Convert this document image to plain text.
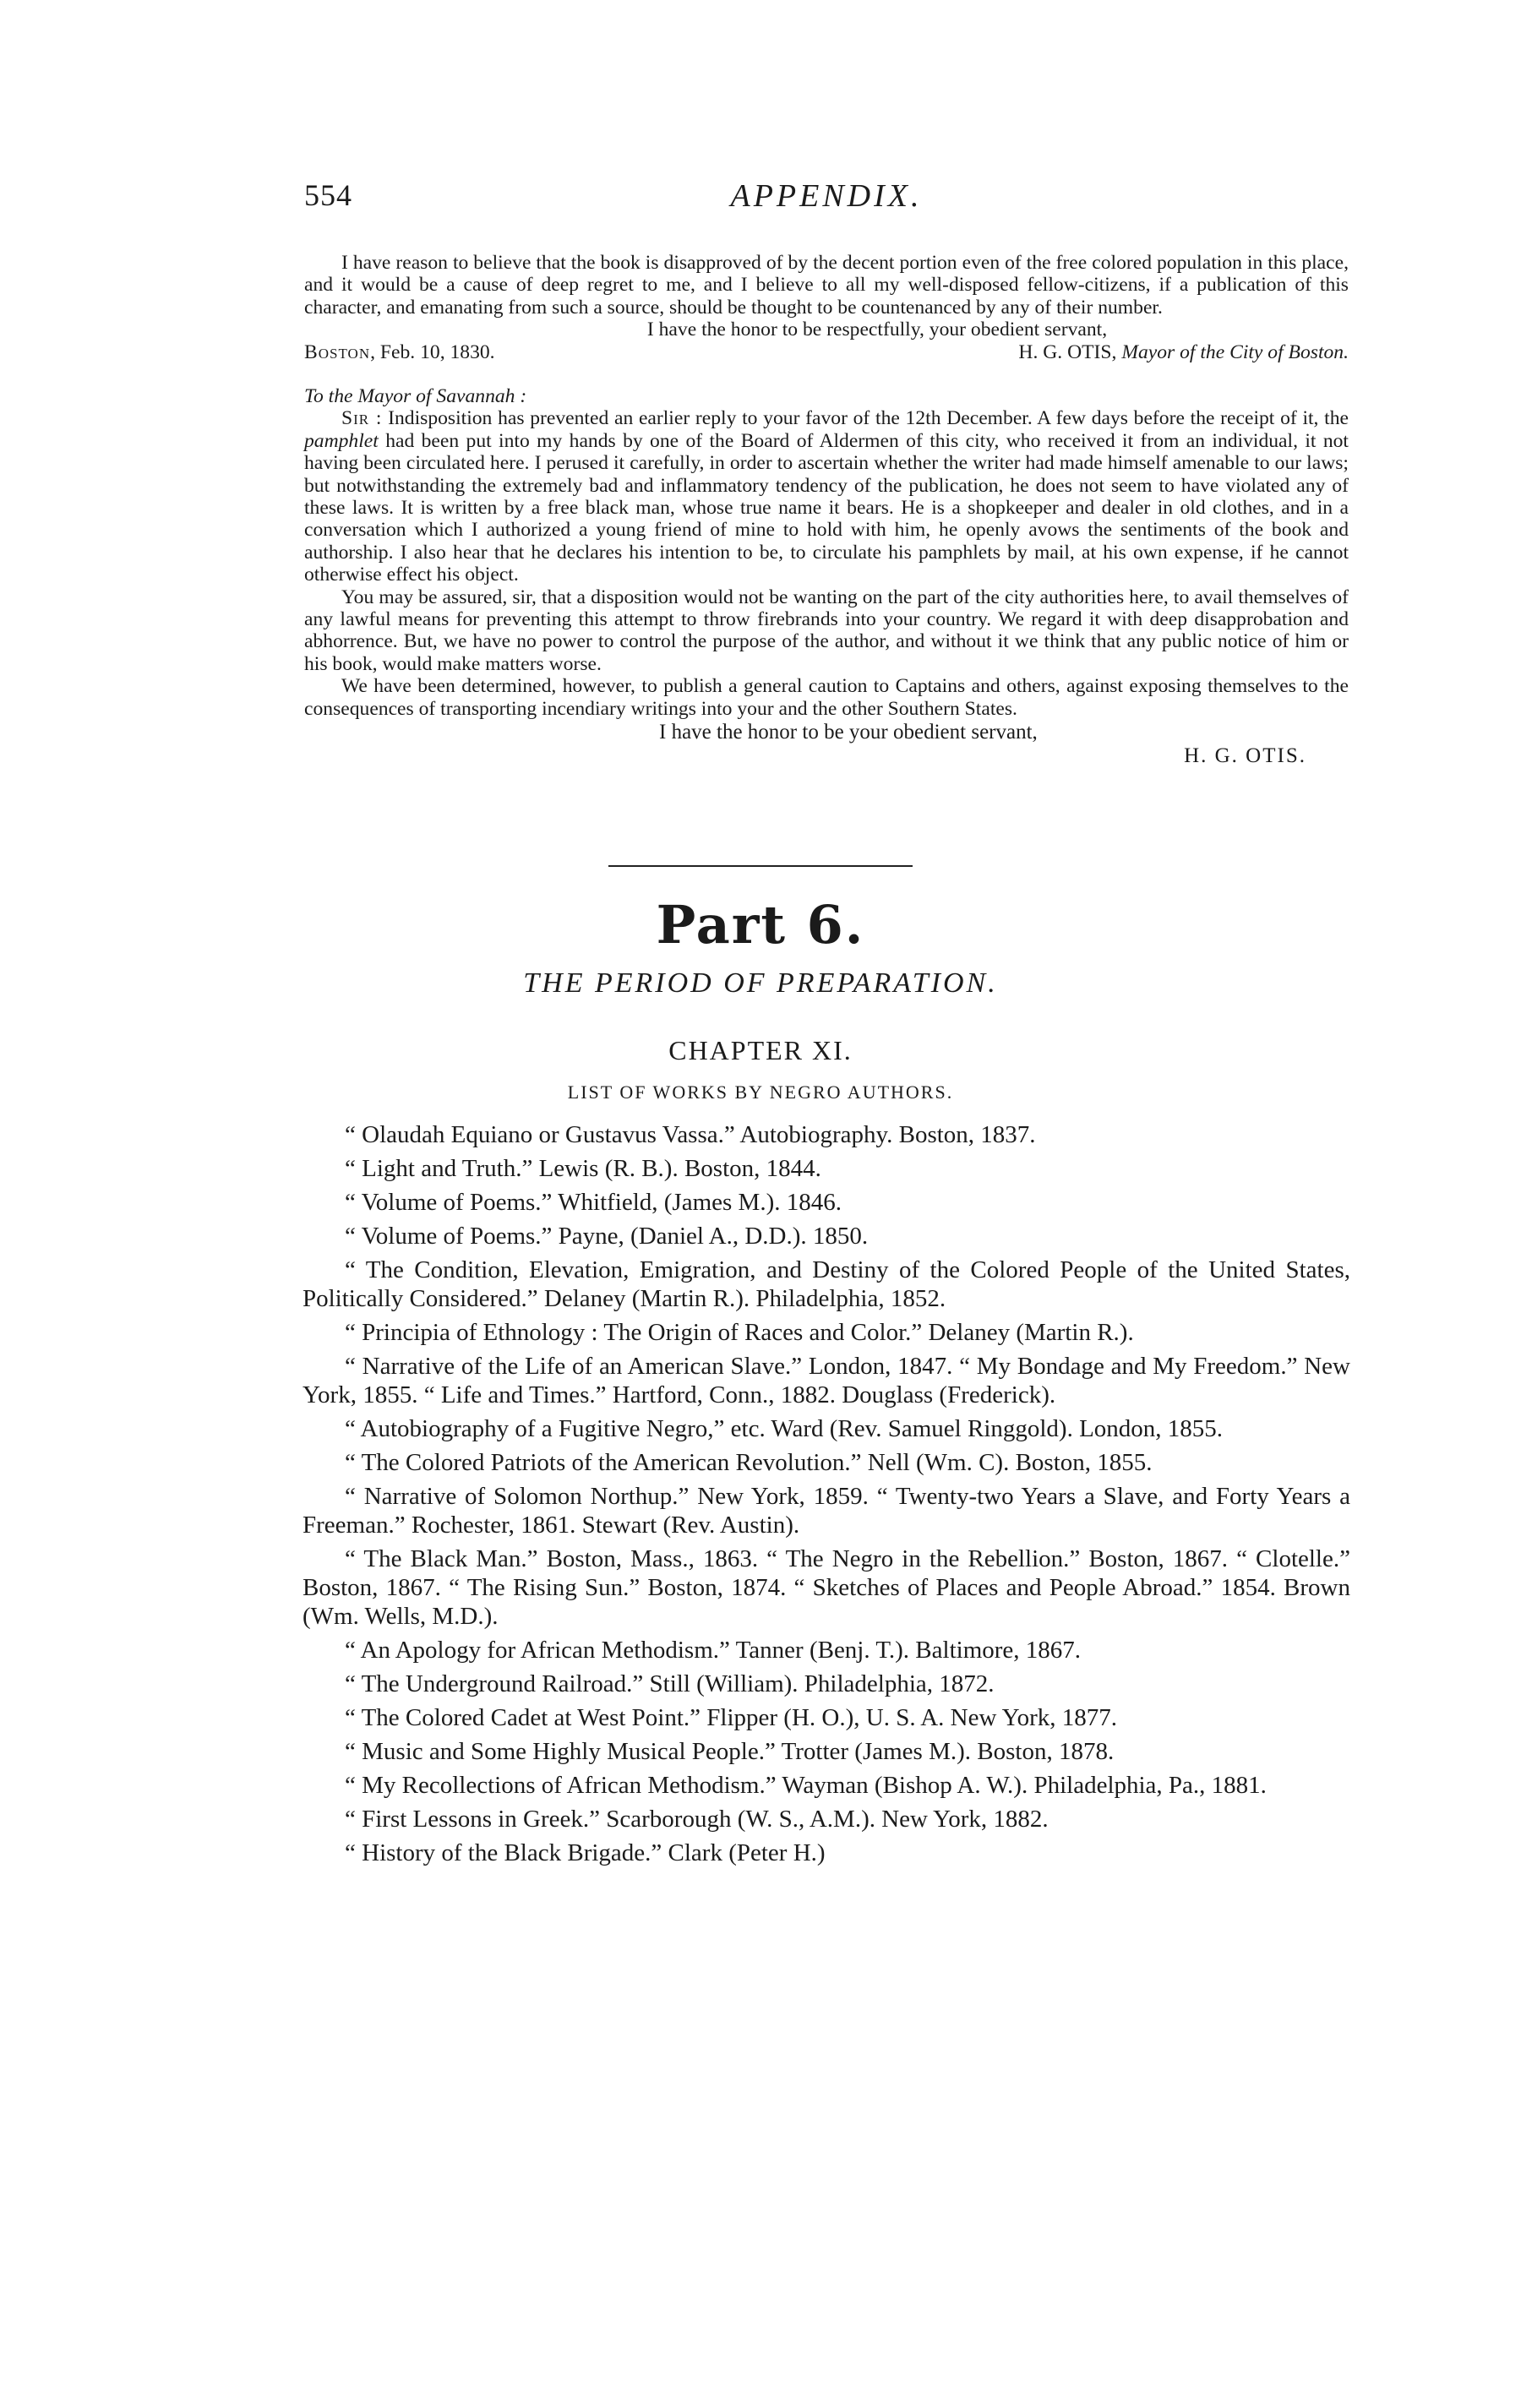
554	APPENDIX.

I have reason to believe that the book is disapproved of by the decent portion even of the free colored population in this place, and it would be a cause of deep regret to me, and I believe to all my well-disposed fellow-citizens, if a publication of this character, and emanating from such a source, should be thought to be countenanced by any of their number.

I have the honor to be respectfully, your obedient servant,

Boston, Feb. 10, 1830.	H. G. OTIS, Mayor of the City of Boston.

To the Mayor of Savannah :

Sir : Indisposition has prevented an earlier reply to your favor of the 12th December. A few days before the receipt of it, the pamphlet had been put into my hands by one of the Board of Aldermen of this city, who received it from an individual, it not having been circulated here. I perused it carefully, in order to ascertain whether the writer had made himself amenable to our laws; but notwithstanding the extremely bad and inflammatory tendency of the publication, he does not seem to have violated any of these laws. It is written by a free black man, whose true name it bears. He is a shopkeeper and dealer in old clothes, and in a conversation which I authorized a young friend of mine to hold with him, he openly avows the sentiments of the book and authorship. I also hear that he declares his intention to be, to circulate his pamphlets by mail, at his own expense, if he cannot otherwise effect his object.

You may be assured, sir, that a disposition would not be wanting on the part of the city authorities here, to avail themselves of any lawful means for preventing this attempt to throw firebrands into your country. We regard it with deep disapprobation and abhorrence. But, we have no power to control the purpose of the author, and without it we think that any public notice of him or his book, would make matters worse.

We have been determined, however, to publish a general caution to Captains and others, against exposing themselves to the consequences of transporting incendiary writings into your and the other Southern States.

I have the honor to be your obedient servant,
H. G. OTIS.
Part 6.
THE PERIOD OF PREPARATION.
CHAPTER XI.
LIST OF WORKS BY NEGRO AUTHORS.

“ Olaudah Equiano or Gustavus Vassa.” Autobiography. Boston, 1837.

“ Light and Truth.” Lewis (R. B.). Boston, 1844.

“ Volume of Poems.” Whitfield, (James M.). 1846.

“ Volume of Poems.” Payne, (Daniel A., D.D.). 1850.

“ The Condition, Elevation, Emigration, and Destiny of the Colored People of the United States, Politically Considered.” Delaney (Martin R.). Philadelphia, 1852.

“ Principia of Ethnology : The Origin of Races and Color.” Delaney (Martin R.).

“ Narrative of the Life of an American Slave.” London, 1847. “ My Bondage and My Freedom.” New York, 1855. “ Life and Times.” Hartford, Conn., 1882. Douglass (Frederick).

“ Autobiography of a Fugitive Negro,” etc. Ward (Rev. Samuel Ringgold). London, 1855.

“ The Colored Patriots of the American Revolution.” Nell (Wm. C). Boston, 1855.

“ Narrative of Solomon Northup.” New York, 1859. “ Twenty-two Years a Slave, and Forty Years a Freeman.” Rochester, 1861. Stewart (Rev. Austin).

“ The Black Man.” Boston, Mass., 1863. “ The Negro in the Rebellion.” Boston, 1867. “ Clotelle.” Boston, 1867. “ The Rising Sun.” Boston, 1874. “ Sketches of Places and People Abroad.” 1854. Brown (Wm. Wells, M.D.).

“ An Apology for African Methodism.” Tanner (Benj. T.). Baltimore, 1867.

“ The Underground Railroad.” Still (William). Philadelphia, 1872.

“ The Colored Cadet at West Point.” Flipper (H. O.), U. S. A. New York, 1877.

“ Music and Some Highly Musical People.” Trotter (James M.). Boston, 1878.

“ My Recollections of African Methodism.” Wayman (Bishop A. W.). Philadelphia, Pa., 1881.

“ First Lessons in Greek.” Scarborough (W. S., A.M.). New York, 1882.

“ History of the Black Brigade.” Clark (Peter H.)
